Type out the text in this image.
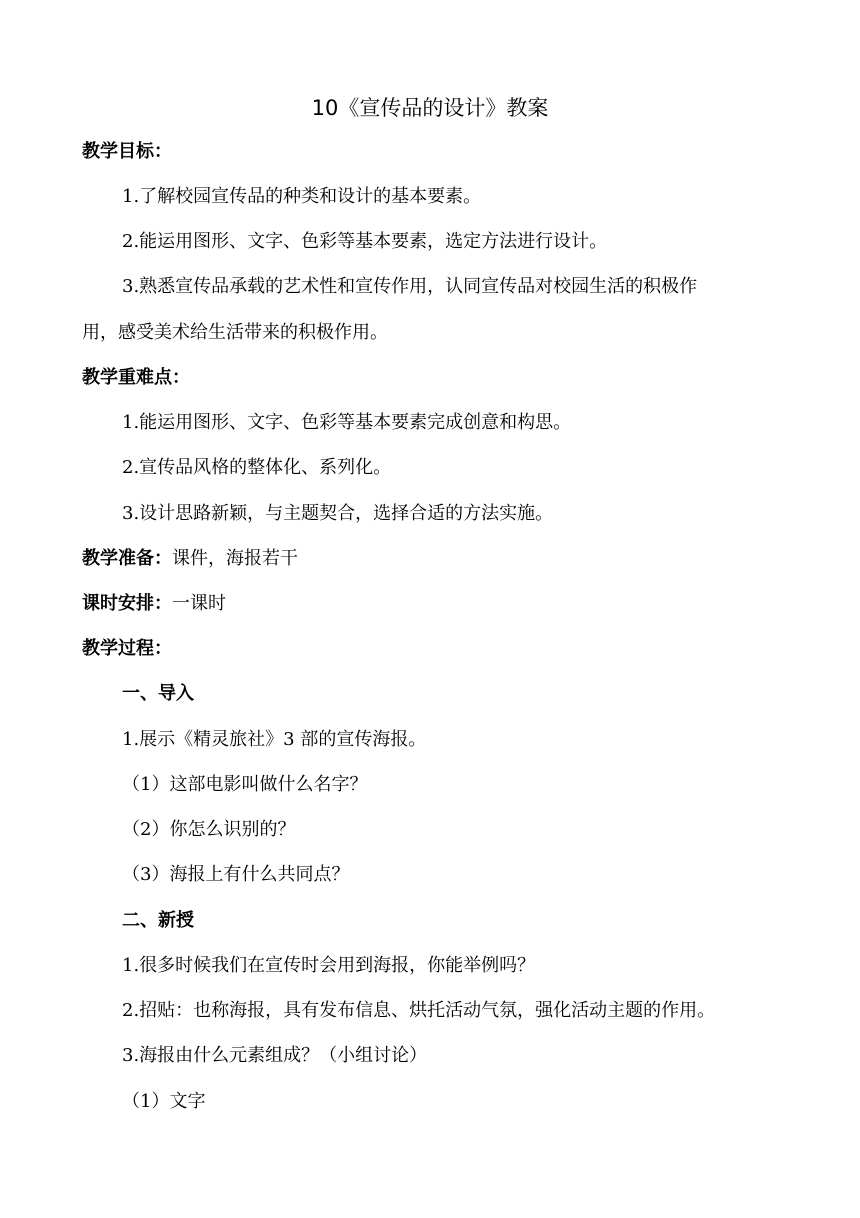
10《宣传品的设计》教案
教学目标：
1.了解校园宣传品的种类和设计的基本要素。
2.能运用图形、文字、色彩等基本要素，选定方法进行设计。
3.熟悉宣传品承载的艺术性和宣传作用，认同宣传品对校园生活的积极作
用，感受美术给生活带来的积极作用。
教学重难点：
1.能运用图形、文字、色彩等基本要素完成创意和构思。
2.宣传品风格的整体化、系列化。
3.设计思路新颖，与主题契合，选择合适的方法实施。
教学准备：课件，海报若干
课时安排：一课时
教学过程：
一、导入
1.展示《精灵旅社》3 部的宣传海报。
（1）这部电影叫做什么名字？
（2）你怎么识别的？
（3）海报上有什么共同点？
二、新授
1.很多时候我们在宣传时会用到海报，你能举例吗？
2.招贴：也称海报，具有发布信息、烘托活动气氛，强化活动主题的作用。
3.海报由什么元素组成？（小组讨论）
（1）文字
